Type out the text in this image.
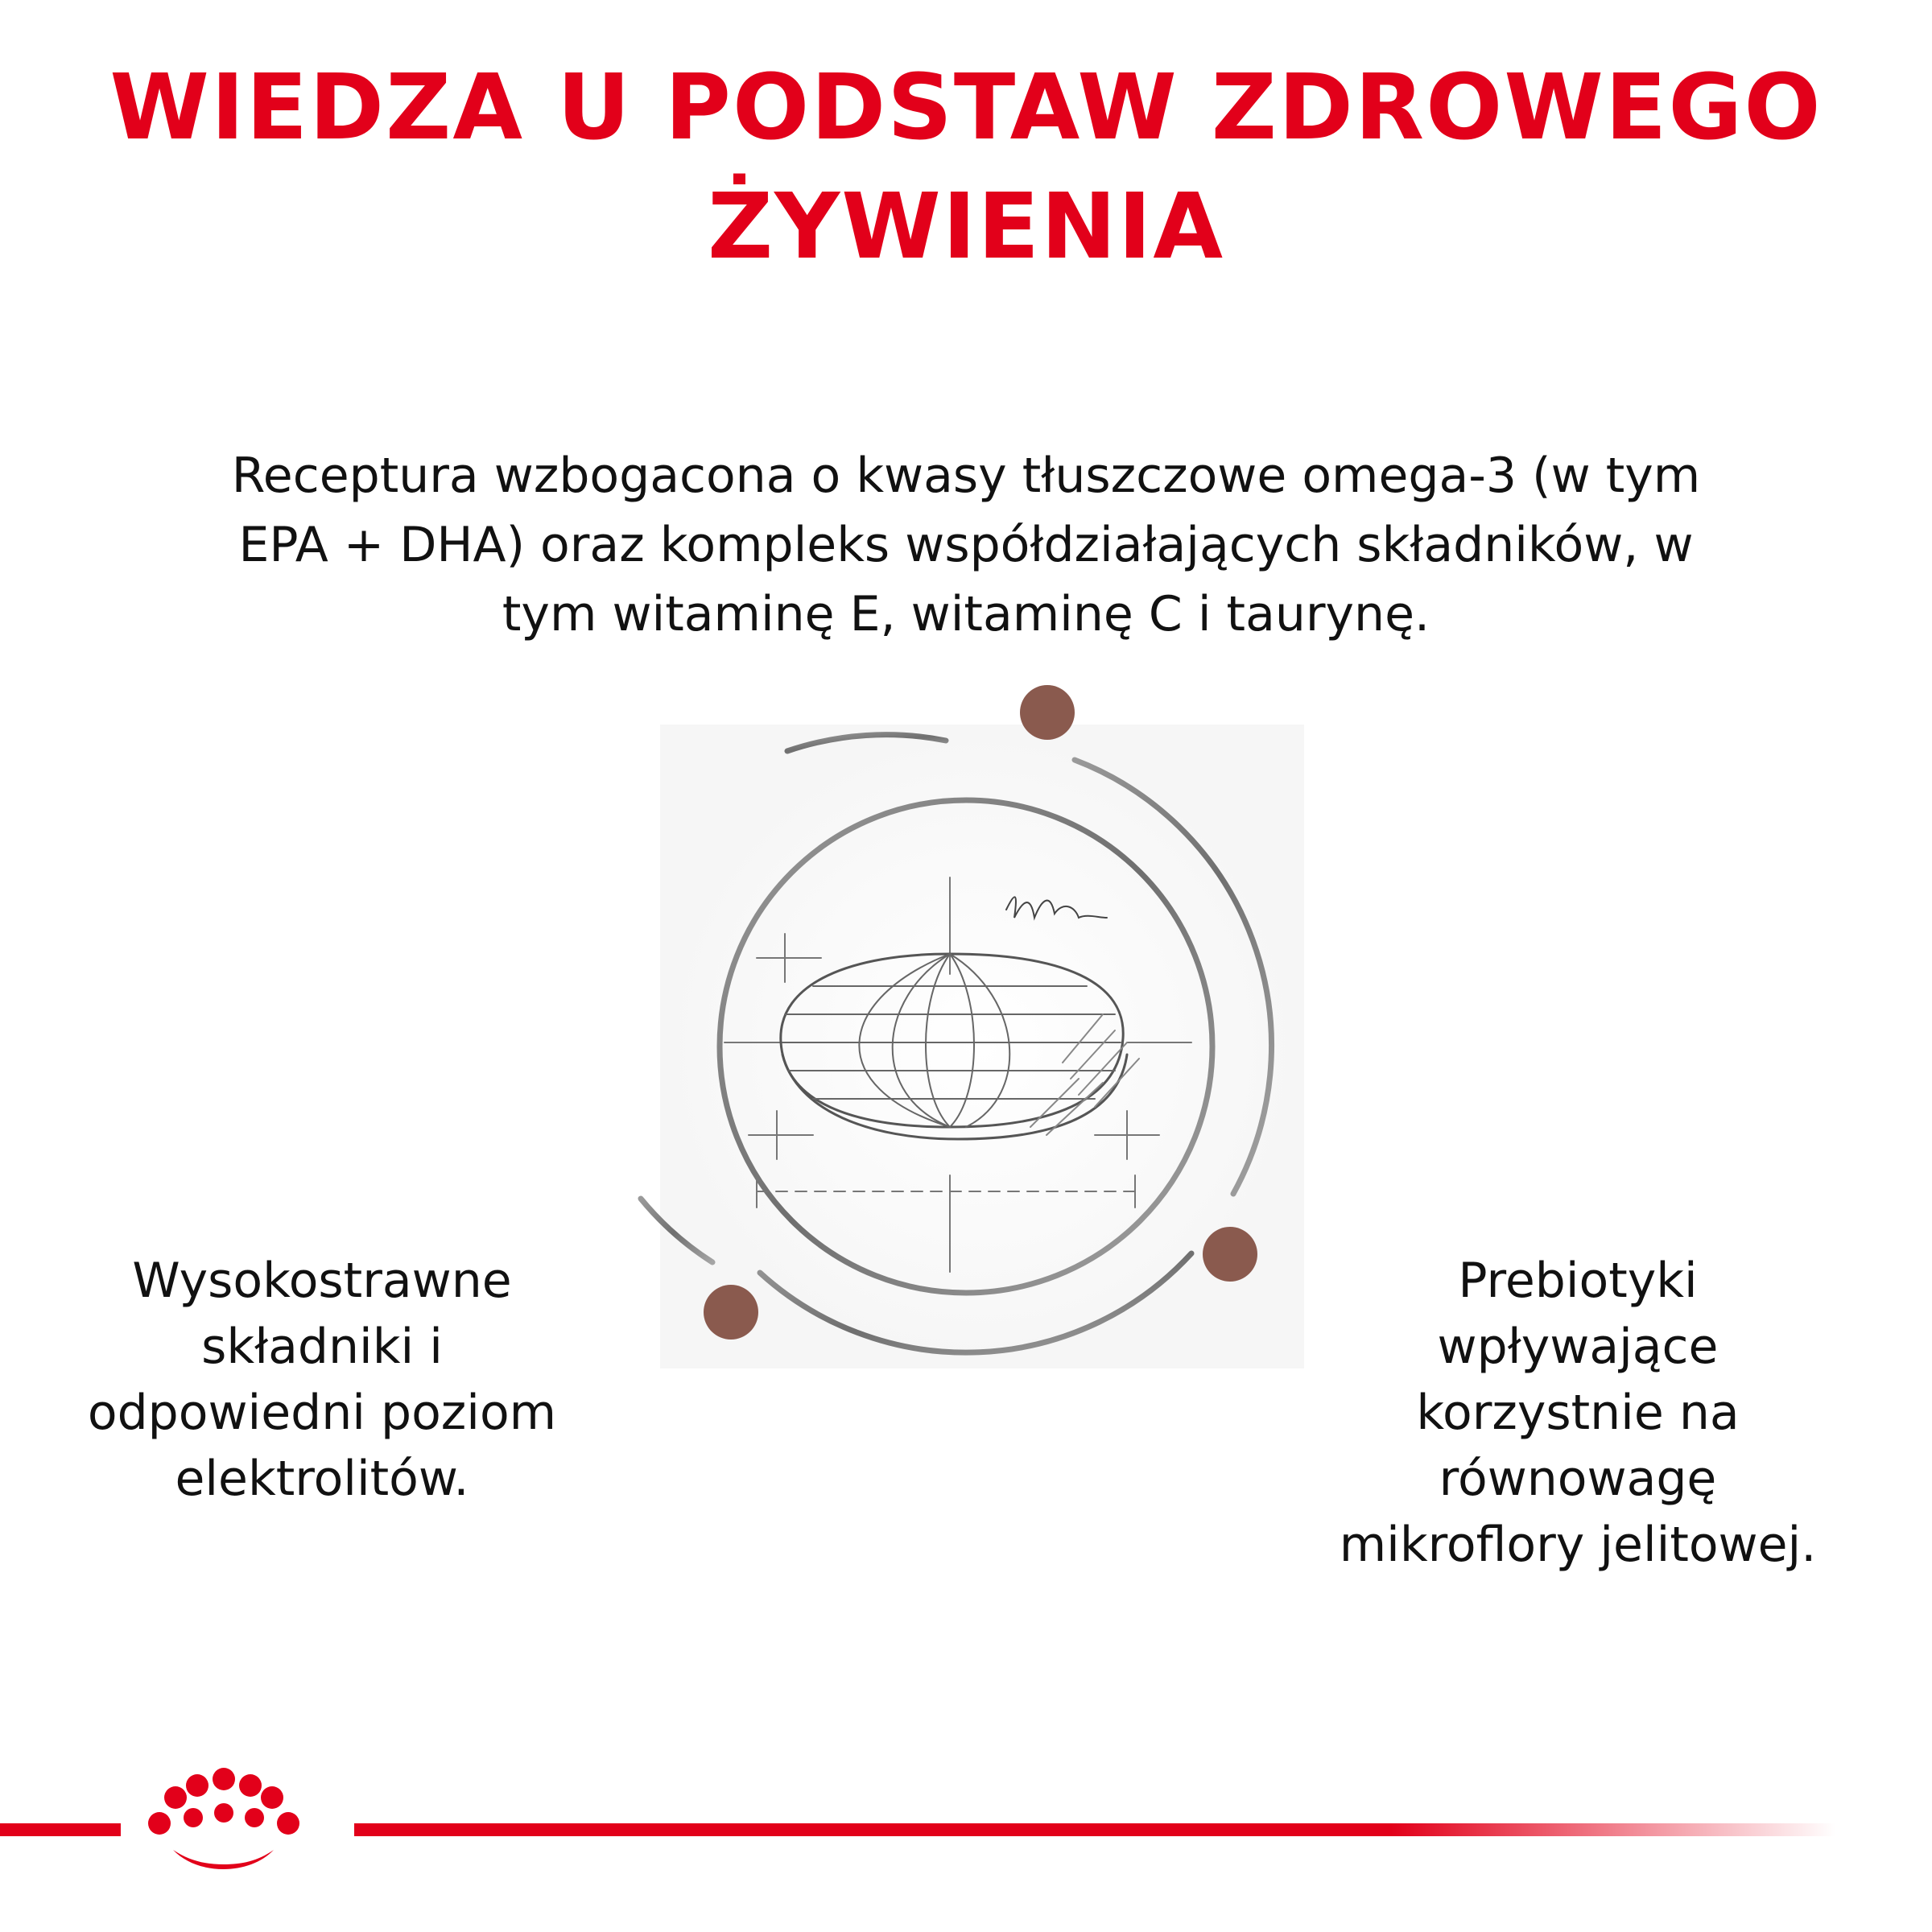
WIEDZA U PODSTAW ZDROWEGO
ŻYWIENIA

Receptura wzbogacona o kwasy tłuszczowe omega-3 (w tym
EPA + DHA) oraz kompleks współdziałających składników, w
tym witaminę E, witaminę C i taurynę.

Wysokostrawne
składniki i
odpowiedni poziom
elektrolitów.

Prebiotyki
wpływające
korzystnie na
równowagę
mikroflory jelitowej.
